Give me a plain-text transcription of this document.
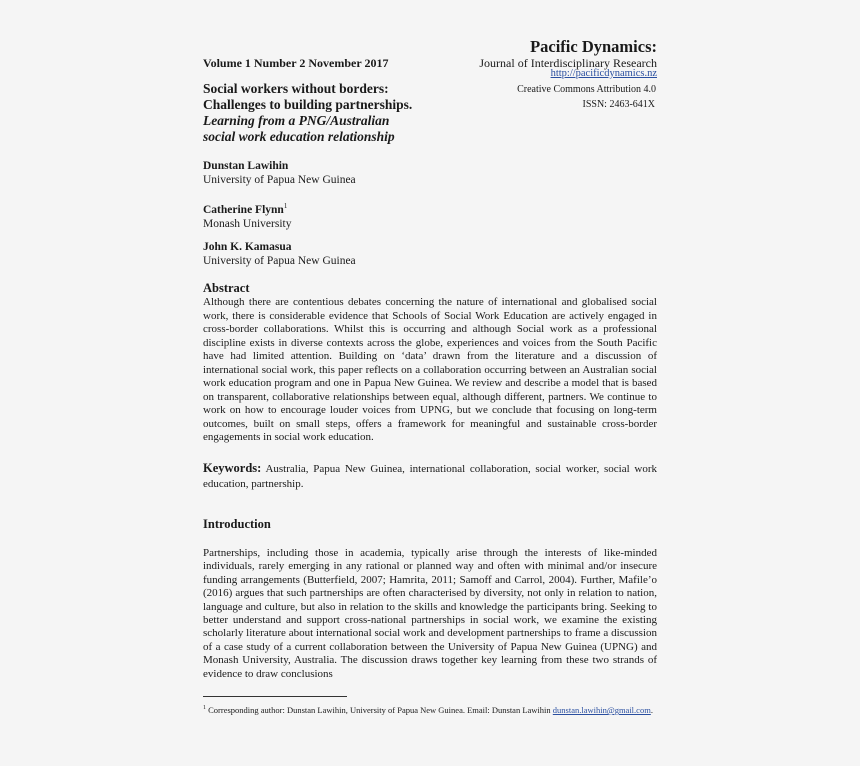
Pacific Dynamics:
Volume 1 Number 2 November 2017	Journal of Interdisciplinary Research
http://pacificdynamics.nz
Creative Commons Attribution 4.0
ISSN: 2463-641X
Social workers without borders:
Challenges to building partnerships.
Learning from a PNG/Australian
social work education relationship
Dunstan Lawihin
University of Papua New Guinea
Catherine Flynn$^1$
Monash University
John K. Kamasua
University of Papua New Guinea
Abstract
Although there are contentious debates concerning the nature of international and globalised social work, there is considerable evidence that Schools of Social Work Education are actively engaged in cross-border collaborations. Whilst this is occurring and although Social work as a professional discipline exists in diverse contexts across the globe, experiences and voices from the South Pacific have had limited attention. Building on ‘data’ drawn from the literature and a discussion of international social work, this paper reflects on a collaboration occurring between an Australian social work education program and one in Papua New Guinea. We review and describe a model that is based on transparent, collaborative relationships between equal, although different, partners. We continue to work on how to encourage louder voices from UPNG, but we conclude that focusing on long-term outcomes, built on small steps, offers a framework for meaningful and sustainable cross-border engagements in social work education.
Keywords: Australia, Papua New Guinea, international collaboration, social worker, social work education, partnership.
Introduction
Partnerships, including those in academia, typically arise through the interests of like-minded individuals, rarely emerging in any rational or planned way and often with minimal and/or insecure funding arrangements (Butterfield, 2007; Hamrita, 2011; Samoff and Carrol, 2004). Further, Mafile’o (2016) argues that such partnerships are often characterised by diversity, not only in relation to nation, language and culture, but also in relation to the skills and knowledge the participants bring. Seeking to better understand and support cross-national partnerships in social work, we examine the existing scholarly literature about international social work and development partnerships to frame a discussion of a case study of a current collaboration between the University of Papua New Guinea (UPNG) and Monash University, Australia. The discussion draws together key learning from these two strands of evidence to draw conclusions
$^1$ Corresponding author: Dunstan Lawihin, University of Papua New Guinea. Email: Dunstan Lawihin dunstan.lawihin@gmail.com.
